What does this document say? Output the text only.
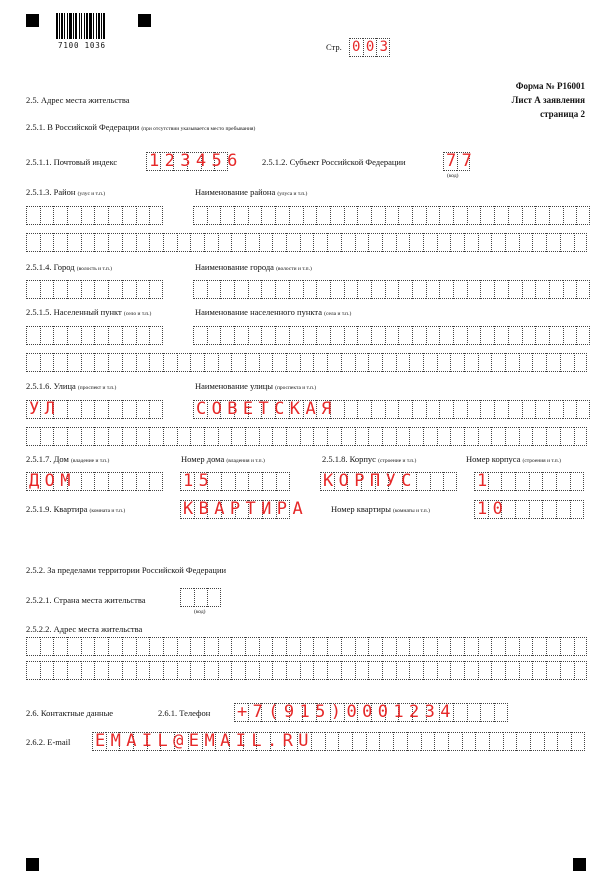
7100 1036	Стр. 003
Форма № Р16001
Лист А заявления
страница 2
2.5. Адрес места жительства
2.5.1. В Российской Федерации (при отсутствии указывается место пребывания)
2.5.1.1. Почтовый индекс 123456 2.5.1.2. Субъект Российской Федерации 77
(код)
2.5.1.3. Район (улус и т.п.)	Наименование района (улуса и т.п.)
2.5.1.4. Город (волость и т.п.)	Наименование города (волости и т.п.)
2.5.1.5. Населенный пункт (село и т.п.)	Наименование населенного пункта (села и т.п.)
2.5.1.6. Улица (проспект и т.п.)	Наименование улицы (проспекта и т.п.)
УЛ	СОВЕТСКАЯ
2.5.1.7. Дом (владение и т.п.)	Номер дома (владения и т.п.)	2.5.1.8. Корпус (строение и т.п.)	Номер корпуса (строения и т.п.)
ДОМ	15	КОРПУС	1
2.5.1.9. Квартира (комната и т.п.)	КВАРТИРА	Номер квартиры (комнаты и т.п.)	10
2.5.2. За пределами территории Российской Федерации
2.5.2.1. Страна места жительства
(код)
2.5.2.2. Адрес места жительства
2.6. Контактные данные	2.6.1. Телефон +7(915)0001234
2.6.2. E-mail EMAIL@EMAIL.RU
